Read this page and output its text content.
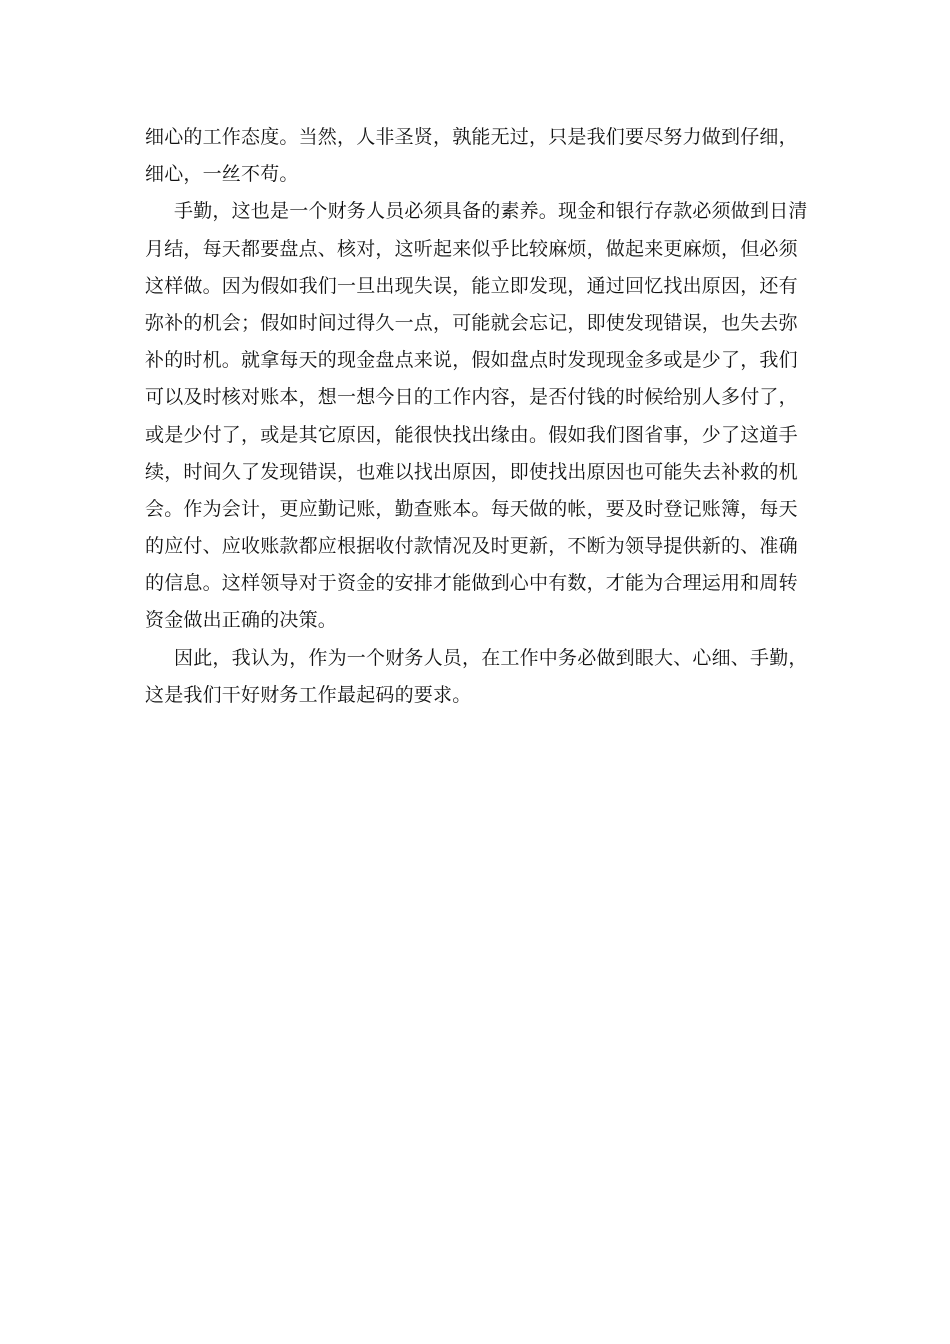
细心的工作态度。当然，人非圣贤，孰能无过，只是我们要尽努力做到仔细，
细心，一丝不苟。
手勤，这也是一个财务人员必须具备的素养。现金和银行存款必须做到日清
月结，每天都要盘点、核对，这听起来似乎比较麻烦，做起来更麻烦，但必须
这样做。因为假如我们一旦出现失误，能立即发现，通过回忆找出原因，还有
弥补的机会；假如时间过得久一点，可能就会忘记，即使发现错误，也失去弥
补的时机。就拿每天的现金盘点来说，假如盘点时发现现金多或是少了，我们
可以及时核对账本，想一想今日的工作内容，是否付钱的时候给别人多付了，
或是少付了，或是其它原因，能很快找出缘由。假如我们图省事，少了这道手
续，时间久了发现错误，也难以找出原因，即使找出原因也可能失去补救的机
会。作为会计，更应勤记账，勤查账本。每天做的帐，要及时登记账簿，每天
的应付、应收账款都应根据收付款情况及时更新，不断为领导提供新的、准确
的信息。这样领导对于资金的安排才能做到心中有数，才能为合理运用和周转
资金做出正确的决策。
因此，我认为，作为一个财务人员，在工作中务必做到眼大、心细、手勤，
这是我们干好财务工作最起码的要求。
